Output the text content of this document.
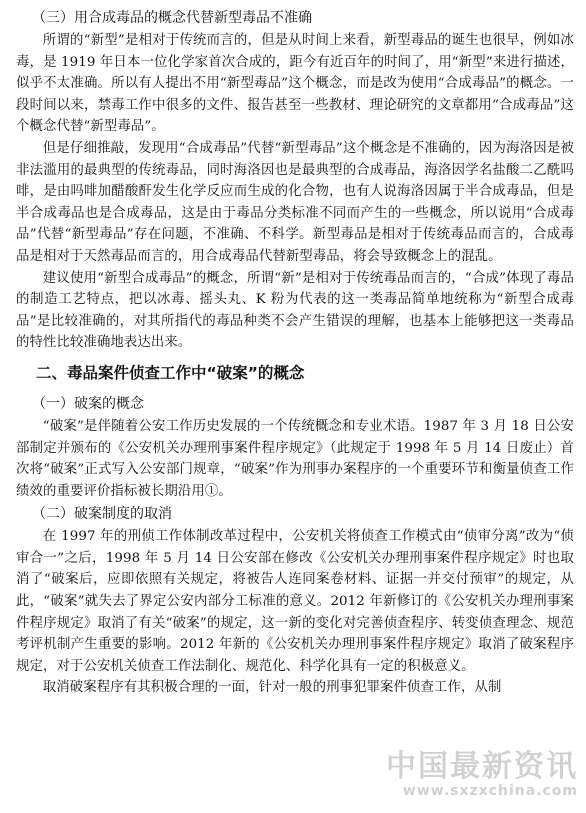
（三）用合成毒品的概念代替新型毒品不准确

所谓的“新型”是相对于传统而言的，但是从时间上来看，新型毒品的诞生也很早，例如冰毒，是 1919 年日本一位化学家首次合成的，距今有近百年的时间了，用“新型”来进行描述，似乎不太准确。所以有人提出不用“新型毒品”这个概念，而是改为使用“合成毒品”的概念。一段时间以来，禁毒工作中很多的文件、报告甚至一些教材、理论研究的文章都用“合成毒品”这个概念代替“新型毒品”。

但是仔细推敲，发现用“合成毒品”代替“新型毒品”这个概念是不准确的，因为海洛因是被非法滥用的最典型的传统毒品，同时海洛因也是最典型的合成毒品，海洛因学名盐酸二乙酰吗啡，是由吗啡加醋酸酐发生化学反应而生成的化合物，也有人说海洛因属于半合成毒品，但是半合成毒品也是合成毒品，这是由于毒品分类标准不同而产生的一些概念，所以说用“合成毒品”代替“新型毒品”存在问题，不准确、不科学。新型毒品是相对于传统毒品而言的，合成毒品是相对于天然毒品而言的，用合成毒品代替新型毒品，将会导致概念上的混乱。

建议使用“新型合成毒品”的概念，所谓“新”是相对于传统毒品而言的，“合成”体现了毒品的制造工艺特点，把以冰毒、摇头丸、K 粉为代表的这一类毒品简单地统称为“新型合成毒品”是比较准确的，对其所指代的毒品种类不会产生错误的理解，也基本上能够把这一类毒品的特性比较准确地表达出来。

二、毒品案件侦查工作中“破案”的概念
（一）破案的概念

“破案”是伴随着公安工作历史发展的一个传统概念和专业术语。1987 年 3 月 18 日公安部制定并颁布的《公安机关办理刑事案件程序规定》（此规定于 1998 年 5 月 14 日废止）首次将“破案”正式写入公安部门规章，“破案”作为刑事办案程序的一个重要环节和衡量侦查工作绩效的重要评价指标被长期沿用①。

（二）破案制度的取消

在 1997 年的刑侦工作体制改革过程中，公安机关将侦查工作模式由“侦审分离”改为“侦审合一”之后，1998 年 5 月 14 日公安部在修改《公安机关办理刑事案件程序规定》时也取消了“破案后，应即依照有关规定，将被告人连同案卷材料、证据一并交付预审”的规定，从此，“破案”就失去了界定公安内部分工标准的意义。2012 年新修订的《公安机关办理刑事案件程序规定》取消了有关“破案”的规定，这一新的变化对完善侦查程序、转变侦查理念、规范考评机制产生重要的影响。2012 年新的《公安机关办理刑事案件程序规定》取消了破案程序规定，对于公安机关侦查工作法制化、规范化、科学化具有一定的积极意义。

取消破案程序有其积极合理的一面，针对一般的刑事犯罪案件侦查工作，从制

中国最新资讯
www.sxzxchina.com
